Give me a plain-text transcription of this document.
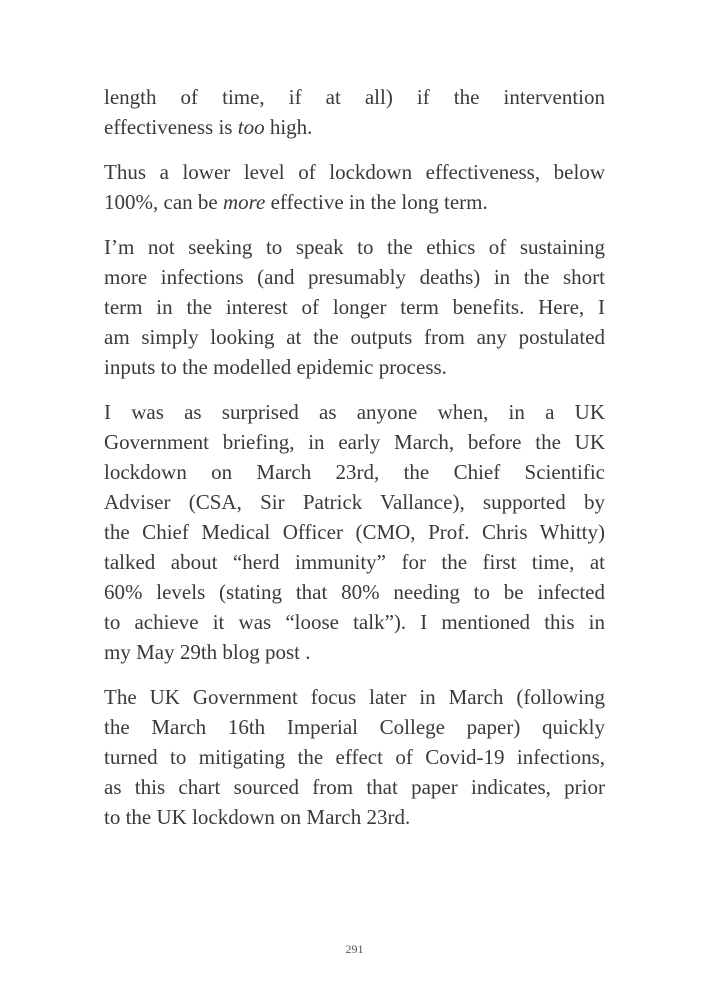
length of time, if at all) if the intervention
effectiveness is too high.
Thus a lower level of lockdown effectiveness, below
100%, can be more effective in the long term.
I’m not seeking to speak to the ethics of sustaining
more infections (and presumably deaths) in the short
term in the interest of longer term benefits. Here, I
am simply looking at the outputs from any postulated
inputs to the modelled epidemic process.
I was as surprised as anyone when, in a UK
Government briefing, in early March, before the UK
lockdown on March 23rd, the Chief Scientific
Adviser (CSA, Sir Patrick Vallance), supported by
the Chief Medical Officer (CMO, Prof. Chris Whitty)
talked about “herd immunity” for the first time, at
60% levels (stating that 80% needing to be infected
to achieve it was “loose talk”). I mentioned this in
my May 29th blog post .
The UK Government focus later in March (following
the March 16th Imperial College paper) quickly
turned to mitigating the effect of Covid-19 infections,
as this chart sourced from that paper indicates, prior
to the UK lockdown on March 23rd.
291
